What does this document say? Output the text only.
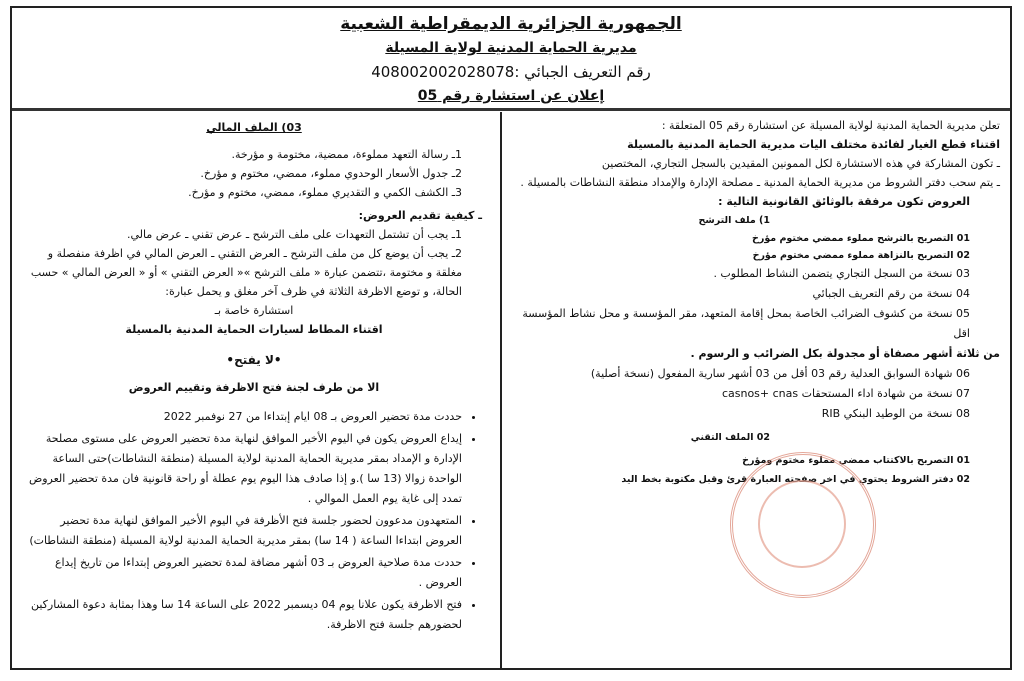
الجمهورية الجزائرية الديمقراطية الشعبية
مديرية الحماية المدنية لولاية المسيلة
رقم التعريف الجبائي :408002002028078
إعلان عن استشارة رقم 05
03) الملف المالي
1ـ رسالة التعهد مملوءة، ممضية، مختومة و مؤرخة.
2ـ جدول الأسعار الوحدوي مملوء، ممضي، مختوم و مؤرخ.
3ـ الكشف الكمي و التقديري مملوء، ممضي، مختوم و مؤرخ.
ـ كيفية تقديم العروض:
1ـ يجب أن تشتمل التعهدات على ملف الترشح ـ عرض تقني ـ عرض مالي.
2ـ يجب أن يوضع كل من ملف الترشح ـ العرض التقني ـ العرض المالي في اظرفة منفصلة و مغلقة و مختومة ،تتضمن عبارة « ملف الترشح »« العرض التقني » أو « العرض المالي » حسب الحالة، و توضع الاظرفة الثلاثة في ظرف آخر مغلق و يحمل عبارة:
استشارة خاصة بـ
اقتناء المطاط لسيارات الحماية المدنية بالمسيلة
•لا يفتح•
الا من طرف لجنة فتح الاظرفة وتقييم العروض
• حددت مدة تحضير العروض بـ 08 ايام إبتداءا من 27 نوفمبر 2022
• إيداع العروض يكون في اليوم الأخير الموافق لنهاية مدة تحضير العروض على مستوى مصلحة الإدارة و الإمداد بمقر مديرية الحماية المدنية لولاية المسيلة (منطقة النشاطات)حتى الساعة الواحدة زوالا (13 سا ).و إذا صادف هذا اليوم يوم عطلة أو راحة قانونية فان مدة تحضير العروض تمدد إلى غاية يوم العمل الموالي .
• المتعهدون مدعوون لحضور جلسة فتح الأظرفة في اليوم الأخير الموافق لنهاية مدة تحضير العروض ابتداءا الساعة ( 14 سا) بمقر مديرية الحماية المدنية لولاية المسيلة (منطقة النشاطات)
• حددت مدة صلاحية العروض بـ 03 أشهر مضافة لمدة تحضير العروض إبتداءا من تاريخ إيداع العروض .
• فتح الاظرفة يكون علانا يوم 04 ديسمبر 2022 على الساعة 14 سا وهذا بمثابة دعوة المشاركين لحضورهم جلسة فتح الاظرفة.
تعلن مديرية الحماية المدنية لولاية المسيلة عن استشارة رقم 05 المتعلقة :
اقتناء قطع الغيار لفائدة مختلف اليات مديرية الحماية المدنية بالمسيلة
ـ تكون المشاركة في هذه الاستشارة لكل الممونين المقيدين بالسجل التجاري، المختصين
ـ يتم سحب دفتر الشروط من مديرية الحماية المدنية ـ مصلحة الإدارة والإمداد منطقة النشاطات بالمسيلة .
العروض تكون مرفقة بالوثائق القانونية التالية :
1) ملف الترشح
01 التصريح بالترشح مملوء ممضي مختوم مؤرخ
02 التصريح بالنزاهة مملوء ممضي مختوم مؤرخ
03 نسخة من السجل التجاري يتضمن النشاط المطلوب .
04 نسخة من رقم التعريف الجبائي
05 نسخة من كشوف الضرائب الخاصة بمحل إقامة المتعهد، مقر المؤسسة و محل نشاط المؤسسة اقل
من ثلاثة أشهر مصفاة أو مجدولة بكل الضرائب و الرسوم .
06 شهادة السوابق العدلية رقم 03 أقل من 03 أشهر سارية المفعول (نسخة أصلية)
07 نسخة من شهادة اداء المستحقات casnos+ cnas
08 نسخة من الوطيد البنكي RIB
02 الملف التقني
01 التصريح بالاكتتاب ممضي مملوء مختوم ومؤرخ
02 دفتر الشروط يحتوي في اخر صفحته العبارة قرئ وقبل مكتوبة بخط اليد
